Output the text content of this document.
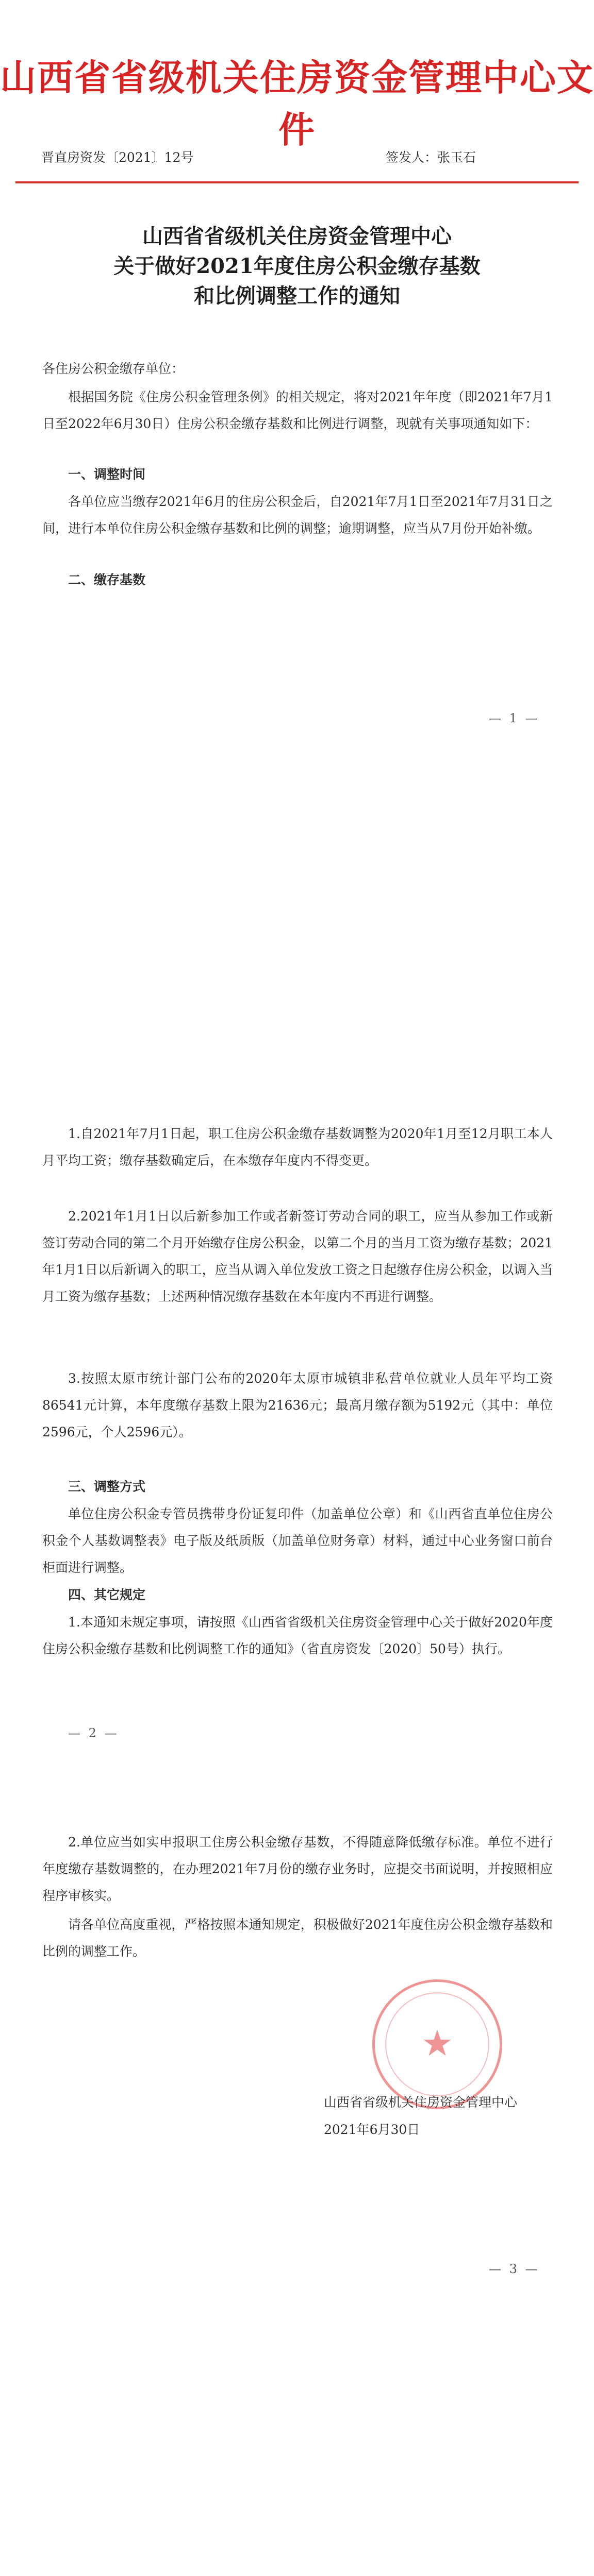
山西省省级机关住房资金管理中心文件
晋直房资发〔2021〕12号	签发人：张玉石
山西省省级机关住房资金管理中心
关于做好2021年度住房公积金缴存基数
和比例调整工作的通知
各住房公积金缴存单位：
根据国务院《住房公积金管理条例》的相关规定，将对2021年年度（即2021年7月1日至2022年6月30日）住房公积金缴存基数和比例进行调整，现就有关事项通知如下：
一、调整时间
各单位应当缴存2021年6月的住房公积金后，自2021年7月1日至2021年7月31日之间，进行本单位住房公积金缴存基数和比例的调整；逾期调整，应当从7月份开始补缴。
二、缴存基数
— 1 —
1.自2021年7月1日起，职工住房公积金缴存基数调整为2020年1月至12月职工本人月平均工资；缴存基数确定后，在本缴存年度内不得变更。
2.2021年1月1日以后新参加工作或者新签订劳动合同的职工，应当从参加工作或新签订劳动合同的第二个月开始缴存住房公积金，以第二个月的当月工资为缴存基数；2021年1月1日以后新调入的职工，应当从调入单位发放工资之日起缴存住房公积金，以调入当月工资为缴存基数；上述两种情况缴存基数在本年度内不再进行调整。
3.按照太原市统计部门公布的2020年太原市城镇非私营单位就业人员年平均工资86541元计算，本年度缴存基数上限为21636元；最高月缴存额为5192元（其中：单位2596元，个人2596元）。
三、调整方式
单位住房公积金专管员携带身份证复印件（加盖单位公章）和《山西省直单位住房公积金个人基数调整表》电子版及纸质版（加盖单位财务章）材料，通过中心业务窗口前台柜面进行调整。
四、其它规定
1.本通知未规定事项，请按照《山西省省级机关住房资金管理中心关于做好2020年度住房公积金缴存基数和比例调整工作的通知》（省直房资发〔2020〕50号）执行。
— 2 —
2.单位应当如实申报职工住房公积金缴存基数，不得随意降低缴存标准。单位不进行年度缴存基数调整的，在办理2021年7月份的缴存业务时，应提交书面说明，并按照相应程序审核实。
请各单位高度重视，严格按照本通知规定，积极做好2021年度住房公积金缴存基数和比例的调整工作。
★
山西省省级机关住房资金管理中心
2021年6月30日
— 3 —
